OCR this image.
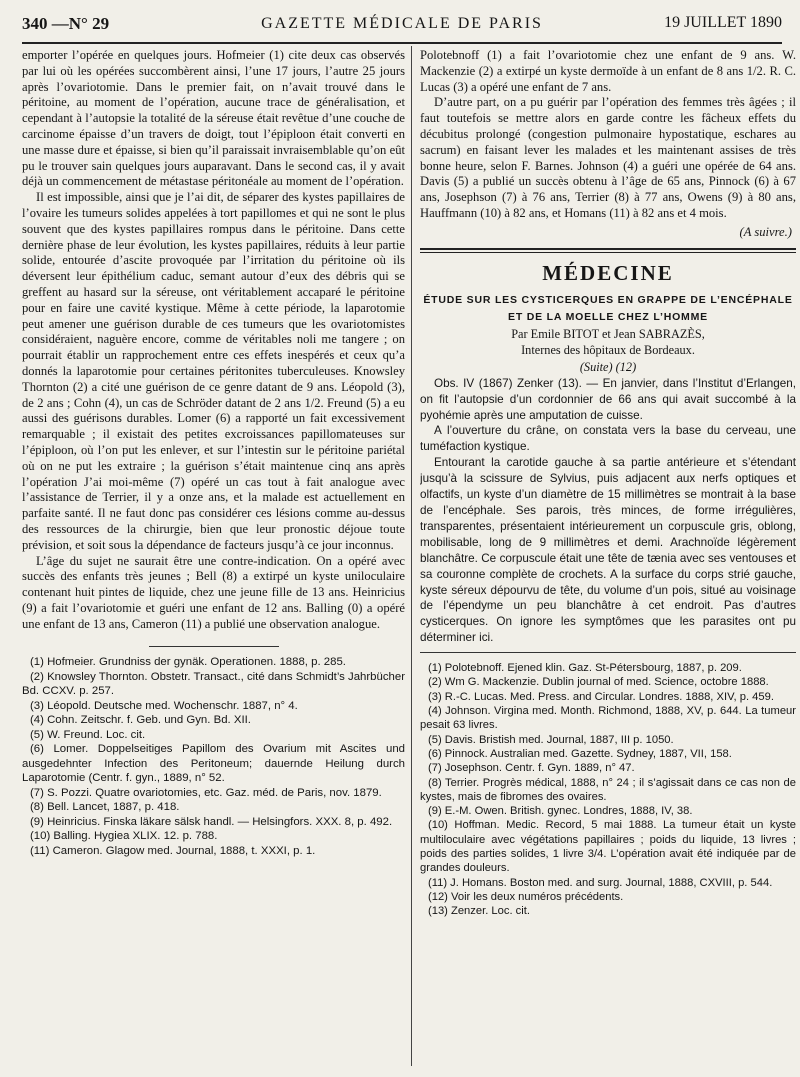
340 —N° 29	GAZETTE MÉDICALE DE PARIS	19 JUILLET 1890

emporter l’opérée en quelques jours. Hofmeier (1) cite deux cas observés par lui où les opérées succombèrent ainsi, l’une 17 jours, l’autre 25 jours après l’ovariotomie. Dans le premier fait, on n’avait trouvé dans le péritoine, au moment de l’opération, aucune trace de généralisation, et cependant à l’autopsie la totalité de la séreuse était revêtue d’une couche de carcinome épaisse d’un travers de doigt, tout l’épiploon était converti en une masse dure et épaisse, si bien qu’il paraissait invraisemblable qu’on eût pu le trouver sain quelques jours auparavant. Dans le second cas, il y avait déjà un commencement de métastase péritonéale au moment de l’opération.

Il est impossible, ainsi que je l’ai dit, de séparer des kystes papillaires de l’ovaire les tumeurs solides appelées à tort papillomes et qui ne sont le plus souvent que des kystes papillaires rompus dans le péritoine. Dans cette dernière phase de leur évolution, les kystes papillaires, réduits à leur partie solide, entourée d’ascite provoquée par l’irritation du péritoine où ils déversent leur épithélium caduc, semant autour d’eux des débris qui se greffent au hasard sur la séreuse, ont véritablement accaparé le péritoine pour en faire une cavité kystique. Même à cette période, la laparotomie peut amener une guérison durable de ces tumeurs que les ovariotomistes considéraient, naguère encore, comme de véritables noli me tangere ; on pourrait établir un rapprochement entre ces effets inespérés et ceux qu’a donnés la laparotomie pour certaines péritonites tuberculeuses. Knowsley Thornton (2) a cité une guérison de ce genre datant de 9 ans. Léopold (3), de 2 ans ; Cohn (4), un cas de Schröder datant de 2 ans 1/2. Freund (5) a eu aussi des guérisons durables. Lomer (6) a rapporté un fait excessivement remarquable ; il existait des petites excroissances papillomateuses sur l’épiploon, où l’on put les enlever, et sur l’intestin sur le péritoine pariétal où on ne put les extraire ; la guérison s’était maintenue cinq ans après l’opération J’ai moi-même (7) opéré un cas tout à fait analogue avec l’assistance de Terrier, il y a onze ans, et la malade est actuellement en parfaite santé. Il ne faut donc pas considérer ces lésions comme au-dessus des ressources de la chirurgie, bien que leur pronostic déjoue toute prévision, et soit sous la dépendance de facteurs jusqu’à ce jour inconnus.

L’âge du sujet ne saurait être une contre-indication. On a opéré avec succès des enfants très jeunes ; Bell (8) a extirpé un kyste uniloculaire contenant huit pintes de liquide, chez une jeune fille de 13 ans. Heinricius (9) a fait l’ovariotomie et guéri une enfant de 12 ans. Balling (0) a opéré une enfant de 13 ans, Cameron (11) a publié une observation analogue.

(1) Hofmeier. Grundniss der gynäk. Operationen. 1888, p. 285.

(2) Knowsley Thornton. Obstetr. Transact., cité dans Schmidt’s Jahrbücher Bd. CCXV. p. 257.

(3) Léopold. Deutsche med. Wochenschr. 1887, n° 4.

(4) Cohn. Zeitschr. f. Geb. und Gyn. Bd. XII.

(5) W. Freund. Loc. cit.

(6) Lomer. Doppelseitiges Papillom des Ovarium mit Ascites und ausgedehnter Infection des Peritoneum; dauernde Heilung durch Laparotomie (Centr. f. gyn., 1889, n° 52.

(7) S. Pozzi. Quatre ovariotomies, etc. Gaz. méd. de Paris, nov. 1879.

(8) Bell. Lancet, 1887, p. 418.

(9) Heinricius. Finska läkare sälsk handl. — Helsingfors. XXX. 8, p. 492.

(10) Balling. Hygiea XLIX. 12. p. 788.

(11) Cameron. Glagow med. Journal, 1888, t. XXXI, p. 1.

Polotebnoff (1) a fait l’ovariotomie chez une enfant de 9 ans. W. Mackenzie (2) a extirpé un kyste dermoïde à un enfant de 8 ans 1/2. R. C. Lucas (3) a opéré une enfant de 7 ans.

D’autre part, on a pu guérir par l’opération des femmes très âgées ; il faut toutefois se mettre alors en garde contre les fâcheux effets du décubitus prolongé (congestion pulmonaire hypostatique, eschares au sacrum) en faisant lever les malades et les maintenant assises de très bonne heure, selon F. Barnes. Johnson (4) a guéri une opérée de 64 ans. Davis (5) a publié un succès obtenu à l’âge de 65 ans, Pinnock (6) à 67 ans, Josephson (7) à 76 ans, Terrier (8) à 77 ans, Owens (9) à 80 ans, Hauffmann (10) à 82 ans, et Homans (11) à 82 ans et 4 mois.

(A suivre.)
MÉDECINE
ÉTUDE SUR LES CYSTICERQUES EN GRAPPE DE L’ENCÉPHALE
ET DE LA MOELLE CHEZ L’HOMME
Par Emile BITOT et Jean SABRAZÈS,
Internes des hôpitaux de Bordeaux.
(Suite) (12)

Obs. IV (1867) Zenker (13). — En janvier, dans l’Institut d’Erlangen, on fit l’autopsie d’un cordonnier de 66 ans qui avait succombé à la pyohémie après une amputation de cuisse.

A l’ouverture du crâne, on constata vers la base du cerveau, une tuméfaction kystique.

Entourant la carotide gauche à sa partie antérieure et s’étendant jusqu’à la scissure de Sylvius, puis adjacent aux nerfs optiques et olfactifs, un kyste d’un diamètre de 15 millimètres se montrait à la base de l’encéphale. Ses parois, très minces, de forme irrégulières, transparentes, présentaient intérieurement un corpuscule gris, oblong, mobilisable, long de 9 millimètres et demi. Arachnoïde légèrement blanchâtre. Ce corpuscule était une tête de tænia avec ses ventouses et sa couronne complète de crochets. A la surface du corps strié gauche, kyste séreux dépourvu de tête, du volume d’un pois, situé au voisinage de l’épendyme un peu blanchâtre à cet endroit. Pas d’autres cysticerques. On ignore les symptômes que les parasites ont pu déterminer ici.

(1) Polotebnoff. Ejened klin. Gaz. St-Pétersbourg, 1887, p. 209.

(2) Wm G. Mackenzie. Dublin journal of med. Science, octobre 1888.

(3) R.-C. Lucas. Med. Press. and Circular. Londres. 1888, XIV, p. 459.

(4) Johnson. Virgina med. Month. Richmond, 1888, XV, p. 644. La tumeur pesait 63 livres.

(5) Davis. Bristish med. Journal, 1887, III p. 1050.

(6) Pinnock. Australian med. Gazette. Sydney, 1887, VII, 158.

(7) Josephson. Centr. f. Gyn. 1889, n° 47.

(8) Terrier. Progrès médical, 1888, n° 24 ; il s’agissait dans ce cas non de kystes, mais de fibromes des ovaires.

(9) E.-M. Owen. British. gynec. Londres, 1888, IV, 38.

(10) Hoffman. Medic. Record, 5 mai 1888. La tumeur était un kyste multiloculaire avec végétations papillaires ; poids du liquide, 13 livres ; poids des parties solides, 1 livre 3/4. L’opération avait été indiquée par de grandes douleurs.

(11) J. Homans. Boston med. and surg. Journal, 1888, CXVIII, p. 544.

(12) Voir les deux numéros précédents.

(13) Zenzer. Loc. cit.
